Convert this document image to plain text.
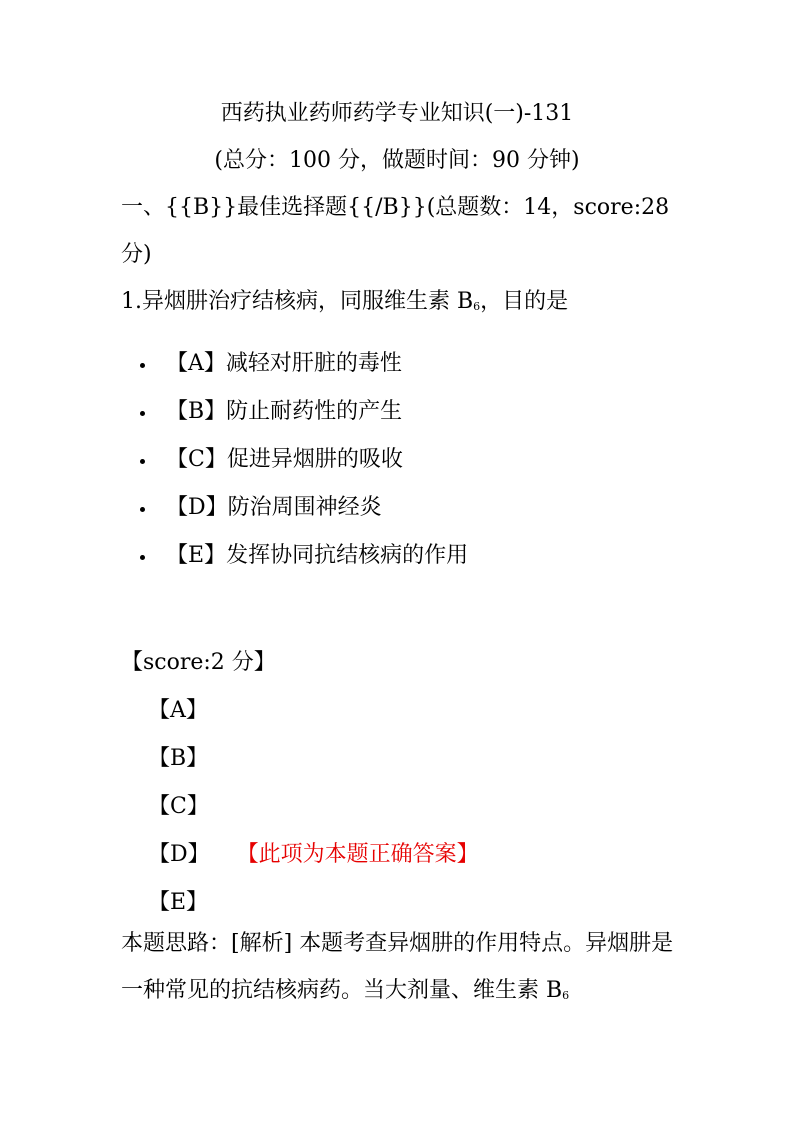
西药执业药师药学专业知识(一)-131
(总分：100 分，做题时间：90 分钟)
一、{{B}}最佳选择题{{/B}}(总题数：14，score:28 分)
1.异烟肼治疗结核病，同服维生素 $B_6$，目的是
【A】减轻对肝脏的毒性
【B】防止耐药性的产生
【C】促进异烟肼的吸收
【D】防治周围神经炎
【E】发挥协同抗结核病的作用
【score:2 分】
【A】
【B】
【C】
【D】 【此项为本题正确答案】
【E】
本题思路：[解析] 本题考查异烟肼的作用特点。异烟肼是一种常见的抗结核病药。当大剂量、维生素 $B_6$
